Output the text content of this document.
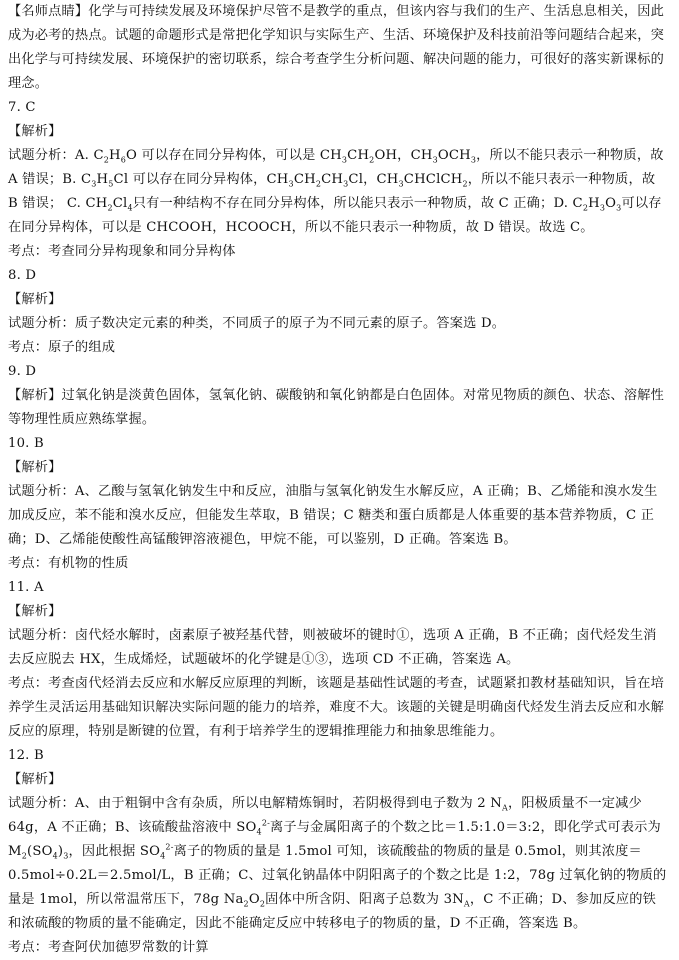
【名师点睛】化学与可持续发展及环境保护尽管不是教学的重点，但该内容与我们的生产、生活息息相关，因此成为必考的热点。试题的命题形式是常把化学知识与实际生产、生活、环境保护及科技前沿等问题结合起来，突出化学与可持续发展、环境保护的密切联系，综合考查学生分析问题、解决问题的能力，可很好的落实新课标的理念。

7. C

【解析】

试题分析：A. $C_2H_6O$ 可以存在同分异构体，可以是 $CH_3CH_2OH$，$CH_3OCH_3$，所以不能只表示一种物质，故 A 错误；B. $C_3H_5Cl$ 可以存在同分异构体，$CH_3CH_2CH_3Cl$，$CH_3CHClCH_2$，所以不能只表示一种物质，故 B 错误； C. $CH_2Cl_4$只有一种结构不存在同分异构体，所以能只表示一种物质，故 C 正确；D. $C_2H_3O_3$可以存在同分异构体，可以是 CHCOOH，HCOOCH，所以不能只表示一种物质，故 D 错误。故选 C。

考点：考查同分异构现象和同分异构体

8. D

【解析】

试题分析：质子数决定元素的种类，不同质子的原子为不同元素的原子。答案选 D。

考点：原子的组成

9. D

【解析】过氧化钠是淡黄色固体，氢氧化钠、碳酸钠和氧化钠都是白色固体。对常见物质的颜色、状态、溶解性等物理性质应熟练掌握。

10. B

【解析】

试题分析：A、乙酸与氢氧化钠发生中和反应，油脂与氢氧化钠发生水解反应，A 正确；B、乙烯能和溴水发生加成反应，苯不能和溴水反应，但能发生萃取，B 错误；C 糖类和蛋白质都是人体重要的基本营养物质，C 正确；D、乙烯能使酸性高锰酸钾溶液褪色，甲烷不能，可以鉴别，D 正确。答案选 B。

考点：有机物的性质

11. A

【解析】

试题分析：卤代烃水解时，卤素原子被羟基代替，则被破坏的键时①，选项 A 正确，B 不正确；卤代烃发生消去反应脱去 HX，生成烯烃，试题破坏的化学键是①③，选项 CD 不正确，答案选 A。

考点：考查卤代烃消去反应和水解反应原理的判断，该题是基础性试题的考查，试题紧扣教材基础知识，旨在培养学生灵活运用基础知识解决实际问题的能力的培养，难度不大。该题的关键是明确卤代烃发生消去反应和水解反应的原理，特别是断键的位置，有利于培养学生的逻辑推理能力和抽象思维能力。

12. B

【解析】

试题分析：A、由于粗铜中含有杂质，所以电解精炼铜时，若阴极得到电子数为 2 $N_A$，阳极质量不一定减少 64g，A 不正确；B、该硫酸盐溶液中 $SO_4^{2-}$离子与金属阳离子的个数之比＝1.5:1.0＝3:2，即化学式可表示为 $M_2(SO_4)_3$，因此根据 $SO_4^{2-}$离子的物质的量是 1.5mol 可知，该硫酸盐的物质的量是 0.5mol，则其浓度＝0.5mol÷0.2L＝2.5mol/L，B 正确；C、过氧化钠晶体中阴阳离子的个数之比是 1:2，78g 过氧化钠的物质的量是 1mol，所以常温常压下，78g $Na_2O_2$固体中所含阴、阳离子总数为 $3N_A$，C 不正确；D、参加反应的铁和浓硫酸的物质的量不能确定，因此不能确定反应中转移电子的物质的量，D 不正确，答案选 B。

考点：考查阿伏加德罗常数的计算
